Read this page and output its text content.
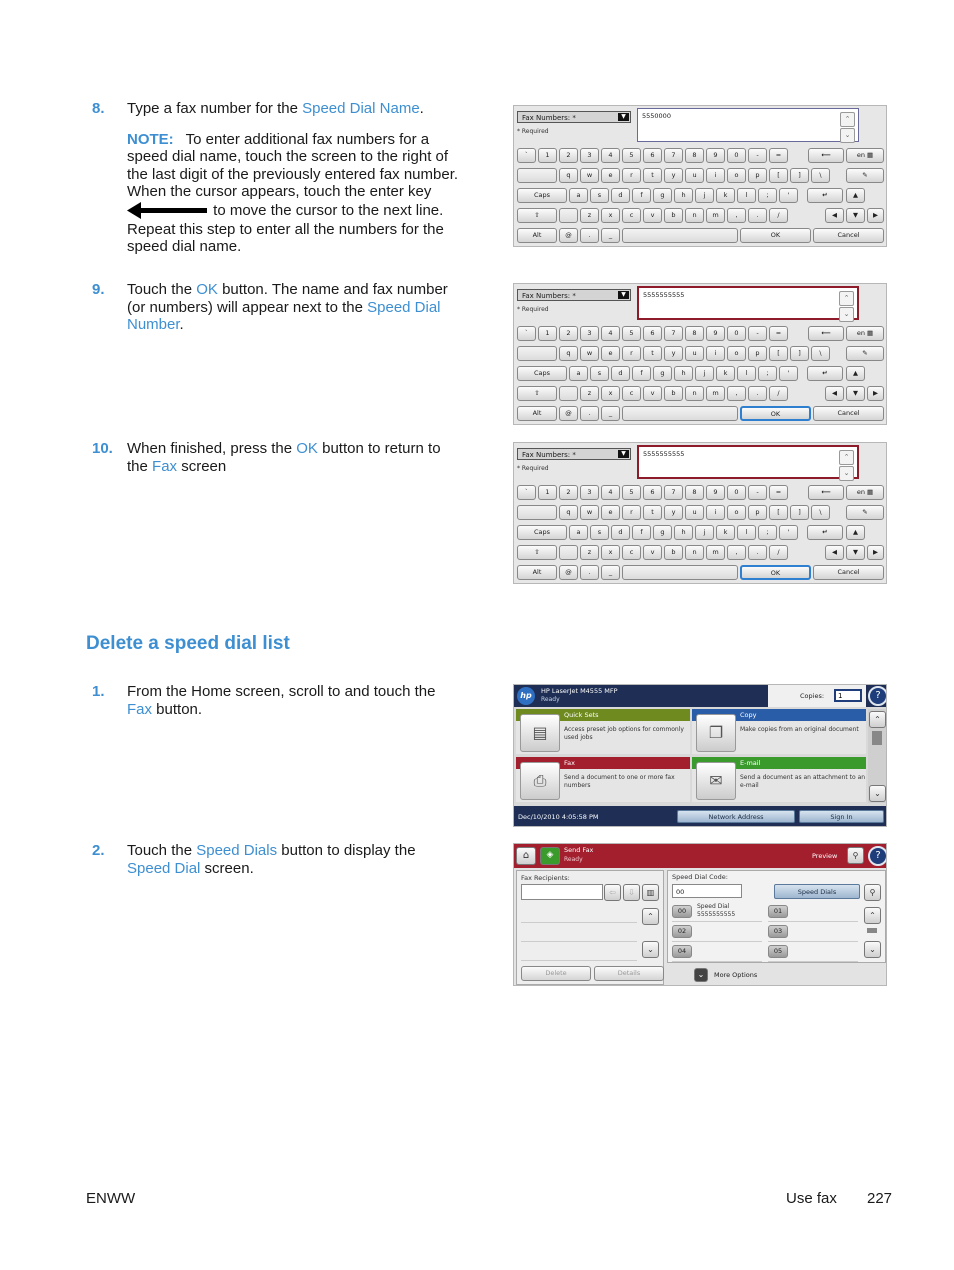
8. Type a fax number for the Speed Dial Name.
NOTE: To enter additional fax numbers for a speed dial name, touch the screen to the right of the last digit of the previously entered fax number. When the cursor appears, touch the enter key  to move the cursor to the next line. Repeat this step to enter all the numbers for the speed dial name.
9. Touch the OK button. The name and fax number (or numbers) will appear next to the Speed Dial Number.
10. When finished, press the OK button to return to the Fax screen
Delete a speed dial list
1. From the Home screen, scroll to and touch the Fax button.
2. Touch the Speed Dials button to display the Speed Dial screen.
Fax Numbers: *	▼
* Required
5550000	⌃
⌄
`	1	2	3	4	5	6	7	8	9	0	-	=	⟵	en ▦
q	w	e	r	t	y	u	i	o	p	[	]	\	✎
Caps	a	s	d	f	g	h	j	k	l	;	'	↵	▲
⇧	z	x	c	v	b	n	m	,	.	/	◀	▼	▶
Alt	@	.	_	OK	Cancel
Fax Numbers: *	▼
* Required
5555555555	⌃
⌄
`	1	2	3	4	5	6	7	8	9	0	-	=	⟵	en ▦
q	w	e	r	t	y	u	i	o	p	[	]	\	✎
Caps	a	s	d	f	g	h	j	k	l	;	'	↵	▲
⇧	z	x	c	v	b	n	m	,	.	/	◀	▼	▶
Alt	@	.	_	OK	Cancel
Fax Numbers: *	▼
* Required
5555555555	⌃
⌄
`	1	2	3	4	5	6	7	8	9	0	-	=	⟵	en ▦
q	w	e	r	t	y	u	i	o	p	[	]	\	✎
Caps	a	s	d	f	g	h	j	k	l	;	'	↵	▲
⇧	z	x	c	v	b	n	m	,	.	/	◀	▼	▶
Alt	@	.	_	OK	Cancel
hp	HP LaserJet M4555 MFP
Ready	Copies:	1	?
Quick Sets
▤	Access preset job options for commonly used jobs
Copy
❐	Make copies from an original document
Fax
⎙	Send a document to one or more fax numbers
E-mail
✉	Send a document as an attachment to an e-mail
⌃
⌄
Dec/10/2010 4:05:58 PM	Network Address	Sign In
⌂	◈	Send Fax
Ready	Preview	⚲	?
Fax Recipients:
⇦	⇩	▥
⌃
⌄
Delete	Details
Speed Dial Code:
00	Speed Dials	⚲
00
Speed Dial
5555555555	01
02	03
04	05
⌃
⌄
⌄	More Options
ENWW	Use fax 227
